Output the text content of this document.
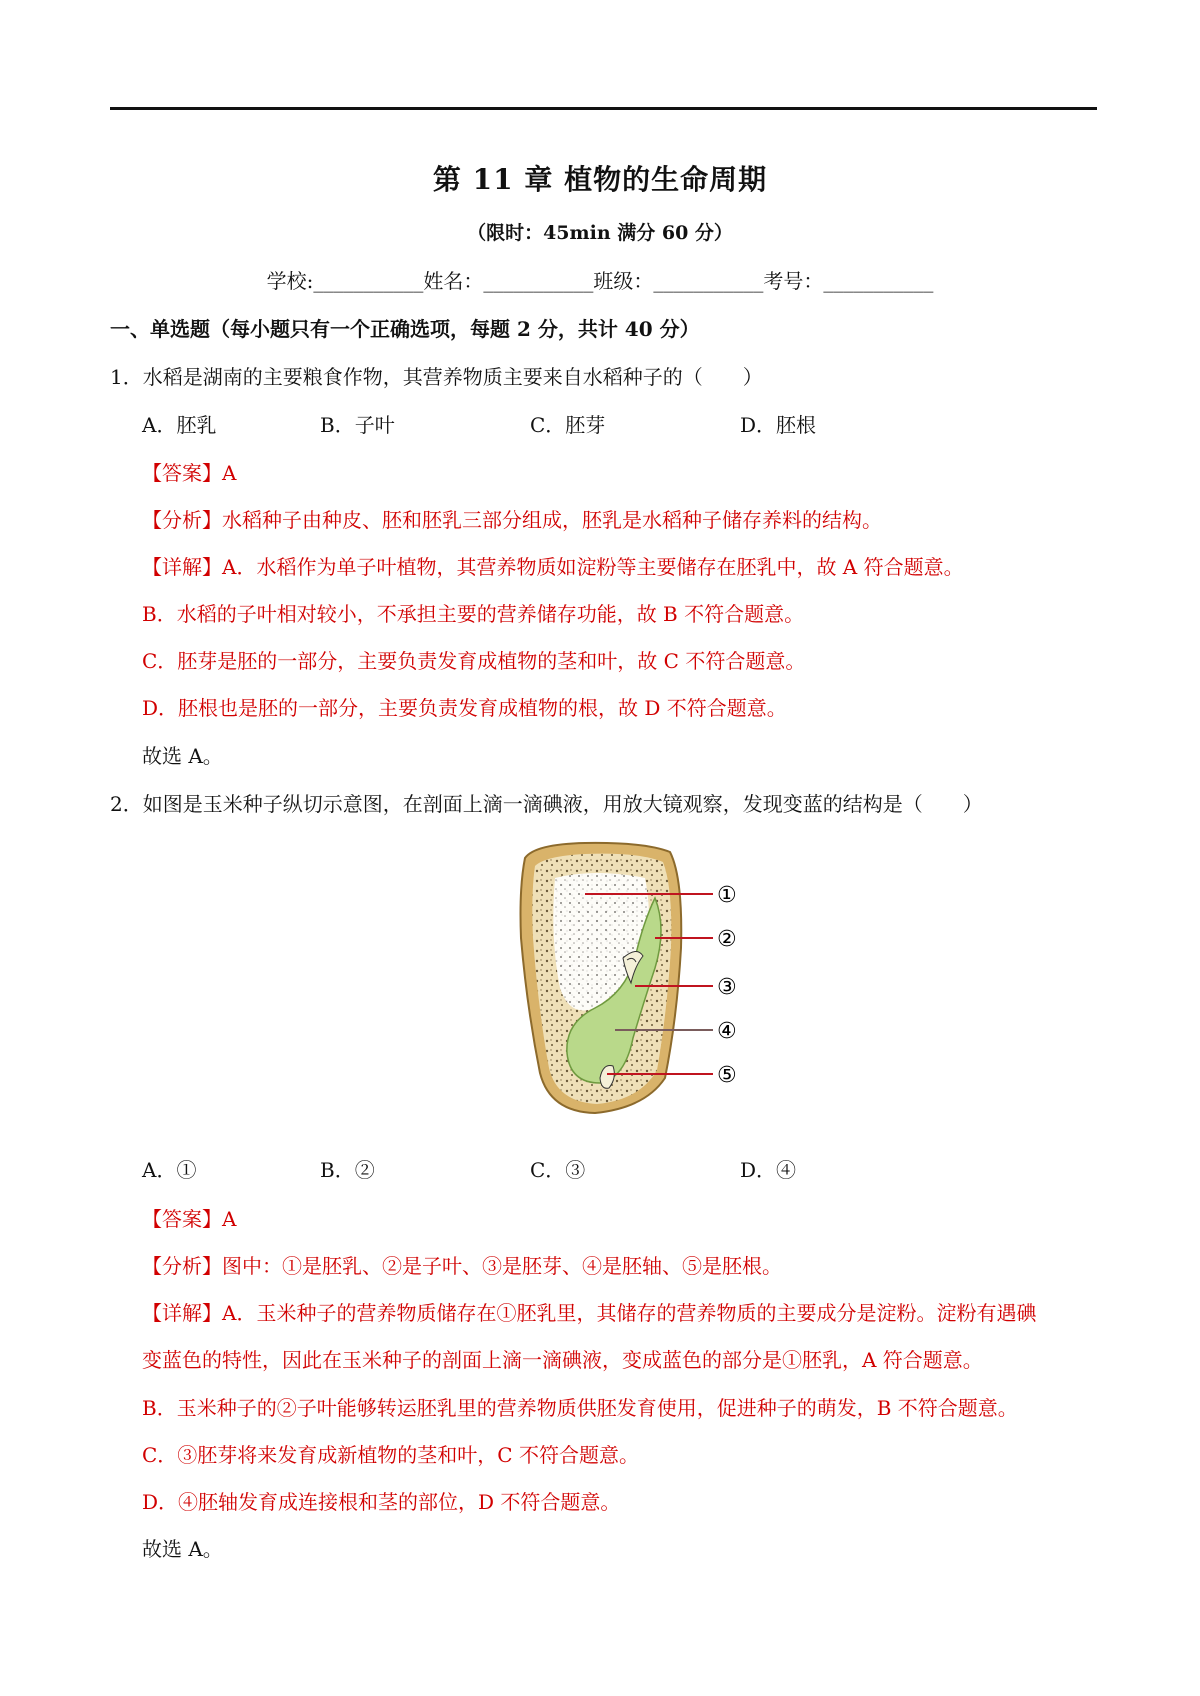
第 11 章 植物的生命周期
（限时：45min 满分 60 分）
学校:___________姓名：___________班级：___________考号：___________
一、单选题（每小题只有一个正确选项，每题 2 分，共计 40 分）
1．水稻是湖南的主要粮食作物，其营养物质主要来自水稻种子的（　　）
A．胚乳	B．子叶	C．胚芽	D．胚根
【答案】A
【分析】水稻种子由种皮、胚和胚乳三部分组成，胚乳是水稻种子储存养料的结构。
【详解】A．水稻作为单子叶植物，其营养物质如淀粉等主要储存在胚乳中，故 A 符合题意。
B．水稻的子叶相对较小，不承担主要的营养储存功能，故 B 不符合题意。
C．胚芽是胚的一部分，主要负责发育成植物的茎和叶，故 C 不符合题意。
D．胚根也是胚的一部分，主要负责发育成植物的根，故 D 不符合题意。
故选 A。
2．如图是玉米种子纵切示意图，在剖面上滴一滴碘液，用放大镜观察，发现变蓝的结构是（　　）
①
②
③
④
⑤
A．①	B．②	C．③	D．④
【答案】A
【分析】图中：①是胚乳、②是子叶、③是胚芽、④是胚轴、⑤是胚根。
【详解】A．玉米种子的营养物质储存在①胚乳里，其储存的营养物质的主要成分是淀粉。淀粉有遇碘
变蓝色的特性，因此在玉米种子的剖面上滴一滴碘液，变成蓝色的部分是①胚乳，A 符合题意。
B．玉米种子的②子叶能够转运胚乳里的营养物质供胚发育使用，促进种子的萌发，B 不符合题意。
C．③胚芽将来发育成新植物的茎和叶，C 不符合题意。
D．④胚轴发育成连接根和茎的部位，D 不符合题意。
故选 A。
